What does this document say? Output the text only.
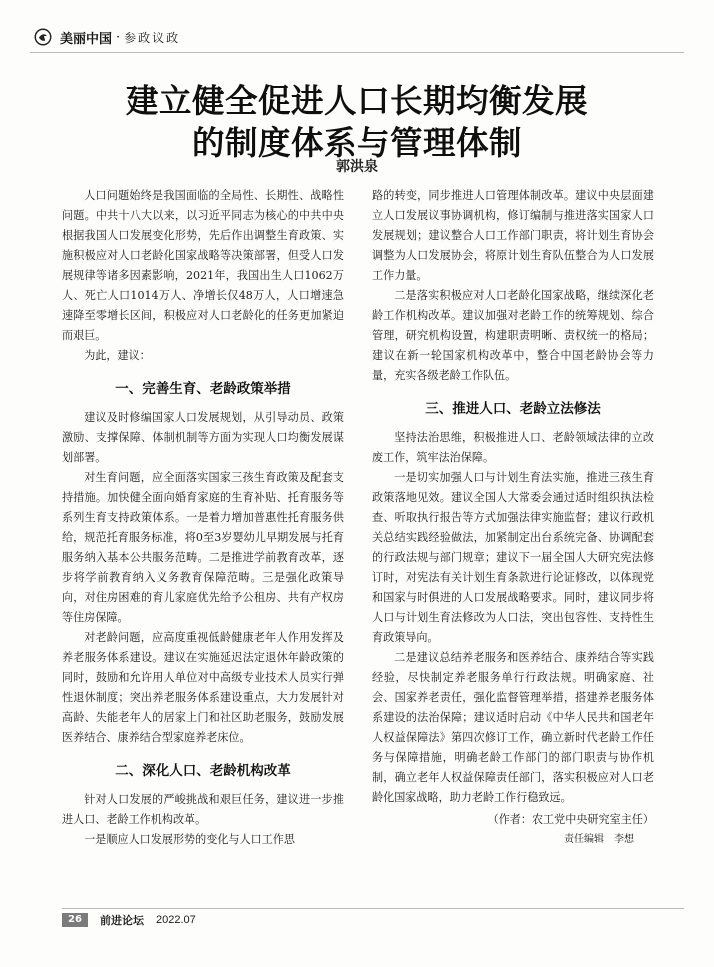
美丽中国 · 参政议政
建立健全促进人口长期均衡发展
的制度体系与管理体制
郭洪泉

人口问题始终是我国面临的全局性、长期性、战略性问题。中共十八大以来，以习近平同志为核心的中共中央根据我国人口发展变化形势，先后作出调整生育政策、实施积极应对人口老龄化国家战略等决策部署，但受人口发展规律等诸多因素影响，2021年，我国出生人口1062万人、死亡人口1014万人、净增长仅48万人，人口增速急速降至零增长区间，积极应对人口老龄化的任务更加紧迫而艰巨。

为此，建议：

一、完善生育、老龄政策举措

建议及时修编国家人口发展规划，从引导动员、政策激励、支撑保障、体制机制等方面为实现人口均衡发展谋划部署。

对生育问题，应全面落实国家三孩生育政策及配套支持措施。加快健全面向婚育家庭的生育补贴、托育服务等系列生育支持政策体系。一是着力增加普惠性托育服务供给，规范托育服务标准，将0至3岁婴幼儿早期发展与托育服务纳入基本公共服务范畴。二是推进学前教育改革，逐步将学前教育纳入义务教育保障范畴。三是强化政策导向，对住房困难的育儿家庭优先给予公租房、共有产权房等住房保障。

对老龄问题，应高度重视低龄健康老年人作用发挥及养老服务体系建设。建议在实施延迟法定退休年龄政策的同时，鼓励和允许用人单位对中高级专业技术人员实行弹性退休制度；突出养老服务体系建设重点，大力发展针对高龄、失能老年人的居家上门和社区助老服务，鼓励发展医养结合、康养结合型家庭养老床位。

二、深化人口、老龄机构改革

针对人口发展的严峻挑战和艰巨任务，建议进一步推进人口、老龄工作机构改革。

一是顺应人口发展形势的变化与人口工作思

路的转变，同步推进人口管理体制改革。建议中央层面建立人口发展议事协调机构，修订编制与推进落实国家人口发展规划；建议整合人口工作部门职责，将计划生育协会调整为人口发展协会，将原计划生育队伍整合为人口发展工作力量。

二是落实积极应对人口老龄化国家战略，继续深化老龄工作机构改革。建议加强对老龄工作的统筹规划、综合管理，研究机构设置，构建职责明晰、责权统一的格局；建议在新一轮国家机构改革中，整合中国老龄协会等力量，充实各级老龄工作队伍。

三、推进人口、老龄立法修法

坚持法治思维，积极推进人口、老龄领域法律的立改废工作，筑牢法治保障。

一是切实加强人口与计划生育法实施，推进三孩生育政策落地见效。建议全国人大常委会通过适时组织执法检查、听取执行报告等方式加强法律实施监督；建议行政机关总结实践经验做法，加紧制定出台系统完备、协调配套的行政法规与部门规章；建议下一届全国人大研究宪法修订时，对宪法有关计划生育条款进行论证修改，以体现党和国家与时俱进的人口发展战略要求。同时，建议同步将人口与计划生育法修改为人口法，突出包容性、支持性生育政策导向。

二是建议总结养老服务和医养结合、康养结合等实践经验，尽快制定养老服务单行行政法规。明确家庭、社会、国家养老责任，强化监督管理举措，搭建养老服务体系建设的法治保障；建议适时启动《中华人民共和国老年人权益保障法》第四次修订工作，确立新时代老龄工作任务与保障措施，明确老龄工作部门的部门职责与协作机制，确立老年人权益保障责任部门，落实积极应对人口老龄化国家战略，助力老龄工作行稳致远。

（作者：农工党中央研究室主任）

责任编辑　李想

26	前进论坛 2022.07
